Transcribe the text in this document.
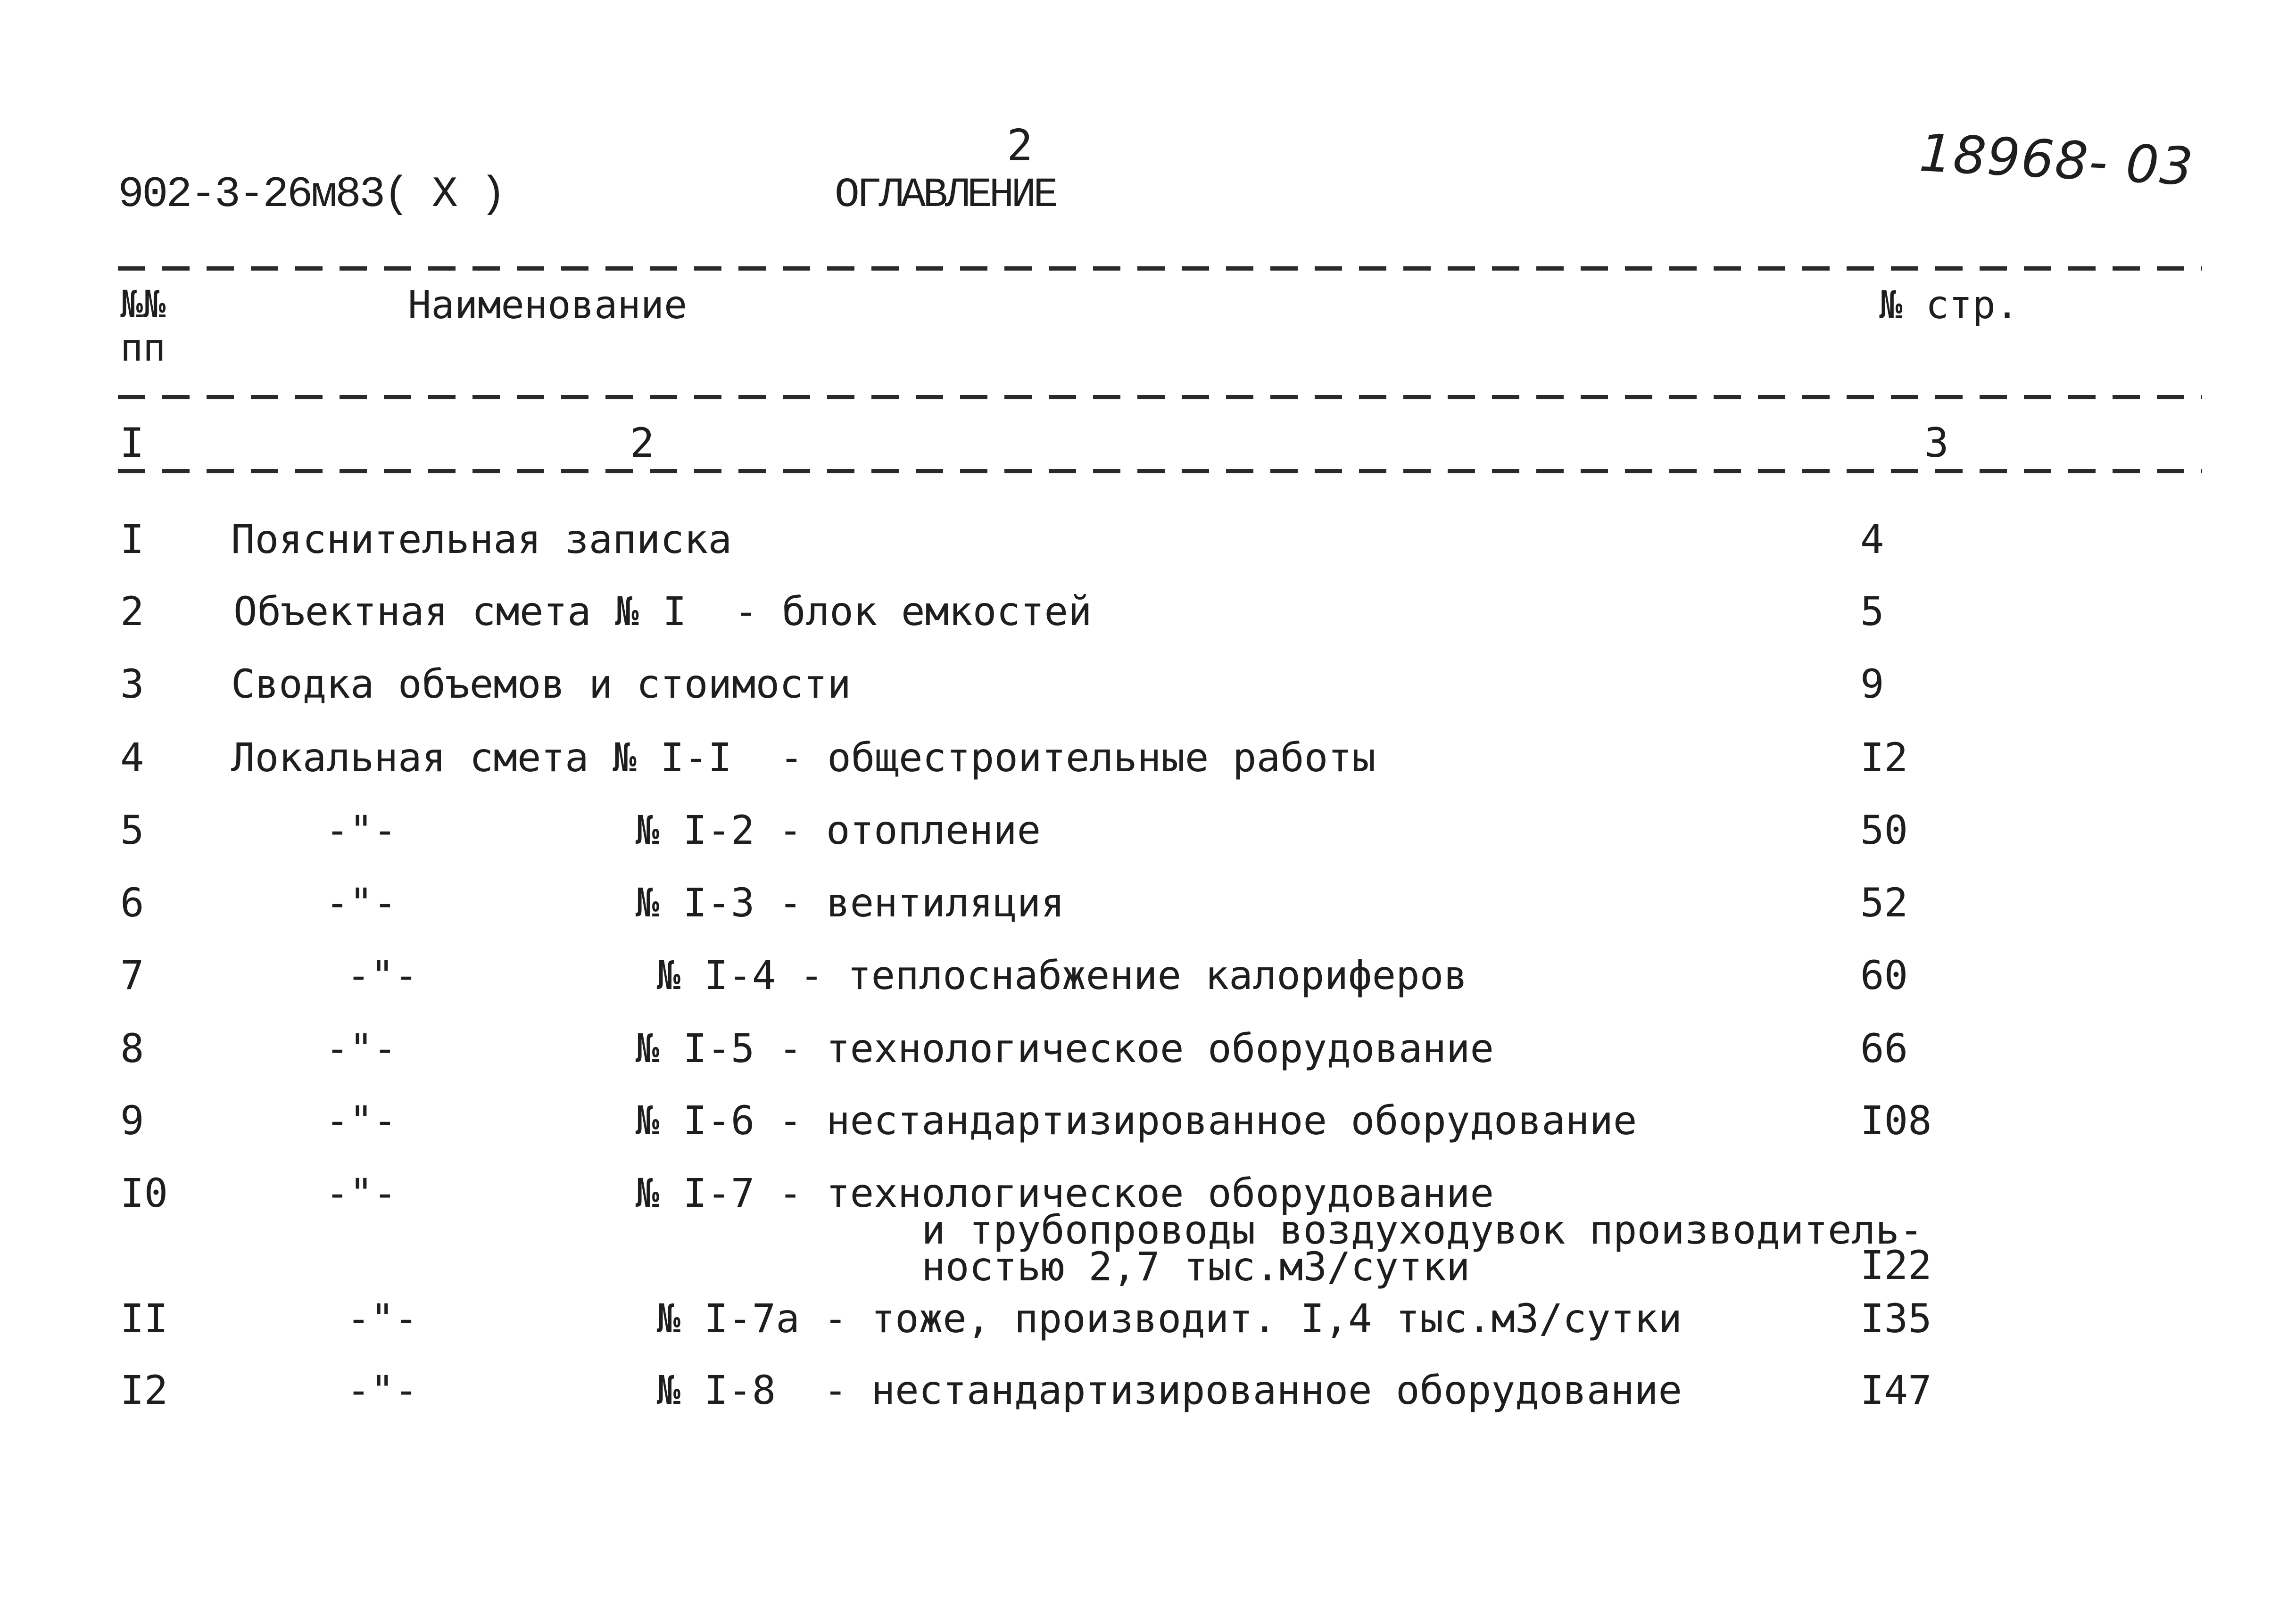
902-3-26м83( X )
2
ОГЛАВЛЕНИЕ	18968- 03
№№
пп
Наименование	№ стр.
I	2	3
I Пояснительная записка	4
2 Объектная смета № I  - блок емкостей	5
3 Сводка объемов и стоимости	9
4 Локальная смета № I-I  - общестроительные работы	I2
5	-"-          № I-2 - отопление	50
6	-"-          № I-3 - вентиляция	52
7	-"-          № I-4 - теплоснабжение калориферов	60
8	-"-          № I-5 - технологическое оборудование	66
9	-"-          № I-6 - нестандартизированное оборудование	I08
I0	-"-          № I-7 - технологическое оборудование
и трубопроводы воздуходувок производитель-
ностью 2,7 тыс.м3/сутки	I22
II	-"-          № I-7a - тоже, производит. I,4 тыс.м3/сутки	I35
I2	-"-          № I-8  - нестандартизированное оборудование	I47
